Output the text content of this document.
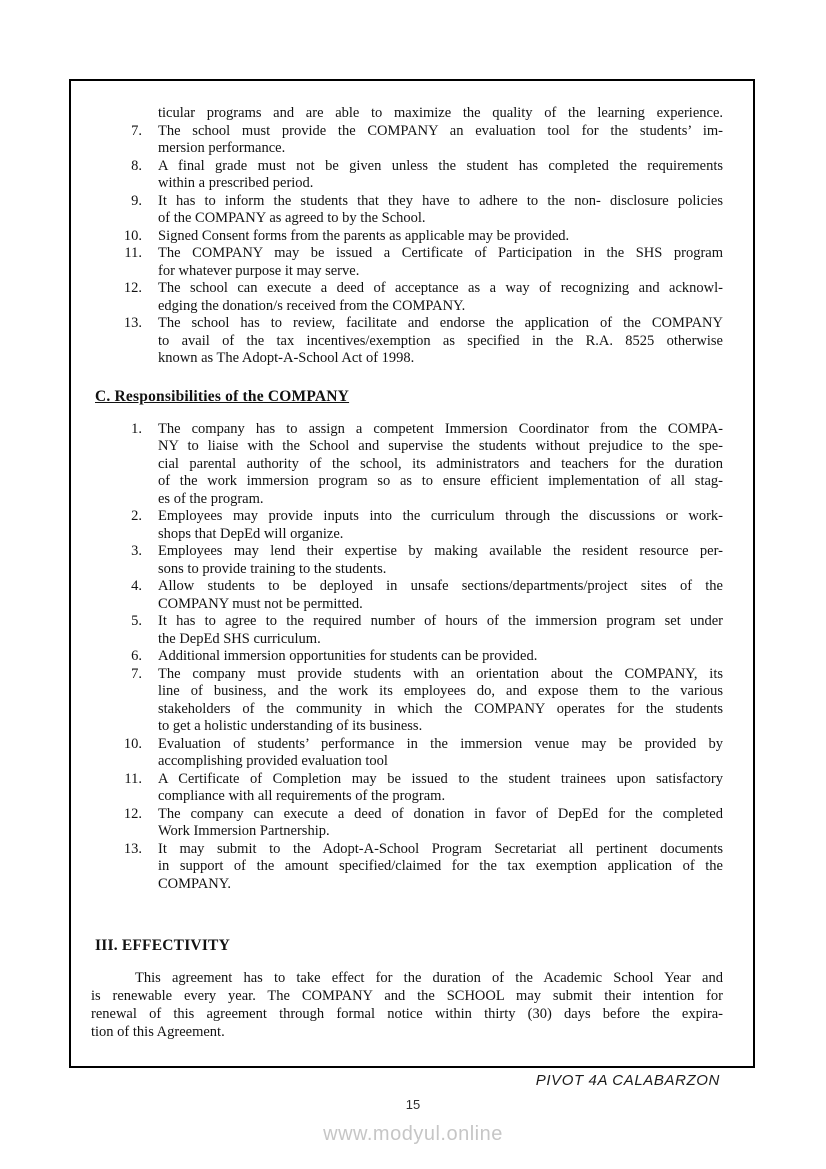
ticular programs and are able to maximize the quality of the learning experience.
7. The school must provide the COMPANY an evaluation tool for the students’ im-
mersion performance.
8. A final grade must not be given unless the student has completed the requirements
within a prescribed period.
9. It has to inform the students that they have to adhere to the non- disclosure policies
of the COMPANY as agreed to by the School.
10. Signed Consent forms from the parents as applicable may be provided.
11. The COMPANY may be issued a Certificate of Participation in the SHS program
for whatever purpose it may serve.
12. The school can execute a deed of acceptance as a way of recognizing and acknowl-
edging the donation/s received from the COMPANY.
13. The school has to review, facilitate and endorse the application of the COMPANY
to avail of the tax incentives/exemption as specified in the R.A. 8525 otherwise
known as The Adopt-A-School Act of 1998.
C. Responsibilities of the COMPANY
1. The company has to assign a competent Immersion Coordinator from the COMPA-
NY to liaise with the School and supervise the students without prejudice to the spe-
cial parental authority of the school, its administrators and teachers for the duration
of the work immersion program so as to ensure efficient implementation of all stag-
es of the program.
2. Employees may provide inputs into the curriculum through the discussions or work-
shops that DepEd will organize.
3. Employees may lend their expertise by making available the resident resource per-
sons to provide training to the students.
4. Allow students to be deployed in unsafe sections/departments/project sites of the
COMPANY must not be permitted.
5. It has to agree to the required number of hours of the immersion program set under
the DepEd SHS curriculum.
6. Additional immersion opportunities for students can be provided.
7. The company must provide students with an orientation about the COMPANY, its
line of business, and the work its employees do, and expose them to the various
stakeholders of the community in which the COMPANY operates for the students
to get a holistic understanding of its business.
10. Evaluation of students’ performance in the immersion venue may be provided by
accomplishing provided evaluation tool
11. A Certificate of Completion may be issued to the student trainees upon satisfactory
compliance with all requirements of the program.
12. The company can execute a deed of donation in favor of DepEd for the completed
Work Immersion Partnership.
13. It may submit to the Adopt-A-School Program Secretariat all pertinent documents
in support of the amount specified/claimed for the tax exemption application of the
COMPANY.
III. EFFECTIVITY
This agreement has to take effect for the duration of the Academic School Year and
is renewable every year. The COMPANY and the SCHOOL may submit their intention for
renewal of this agreement through formal notice within thirty (30) days before the expira-
tion of this Agreement.
PIVOT 4A CALABARZON
15
www.modyul.online
